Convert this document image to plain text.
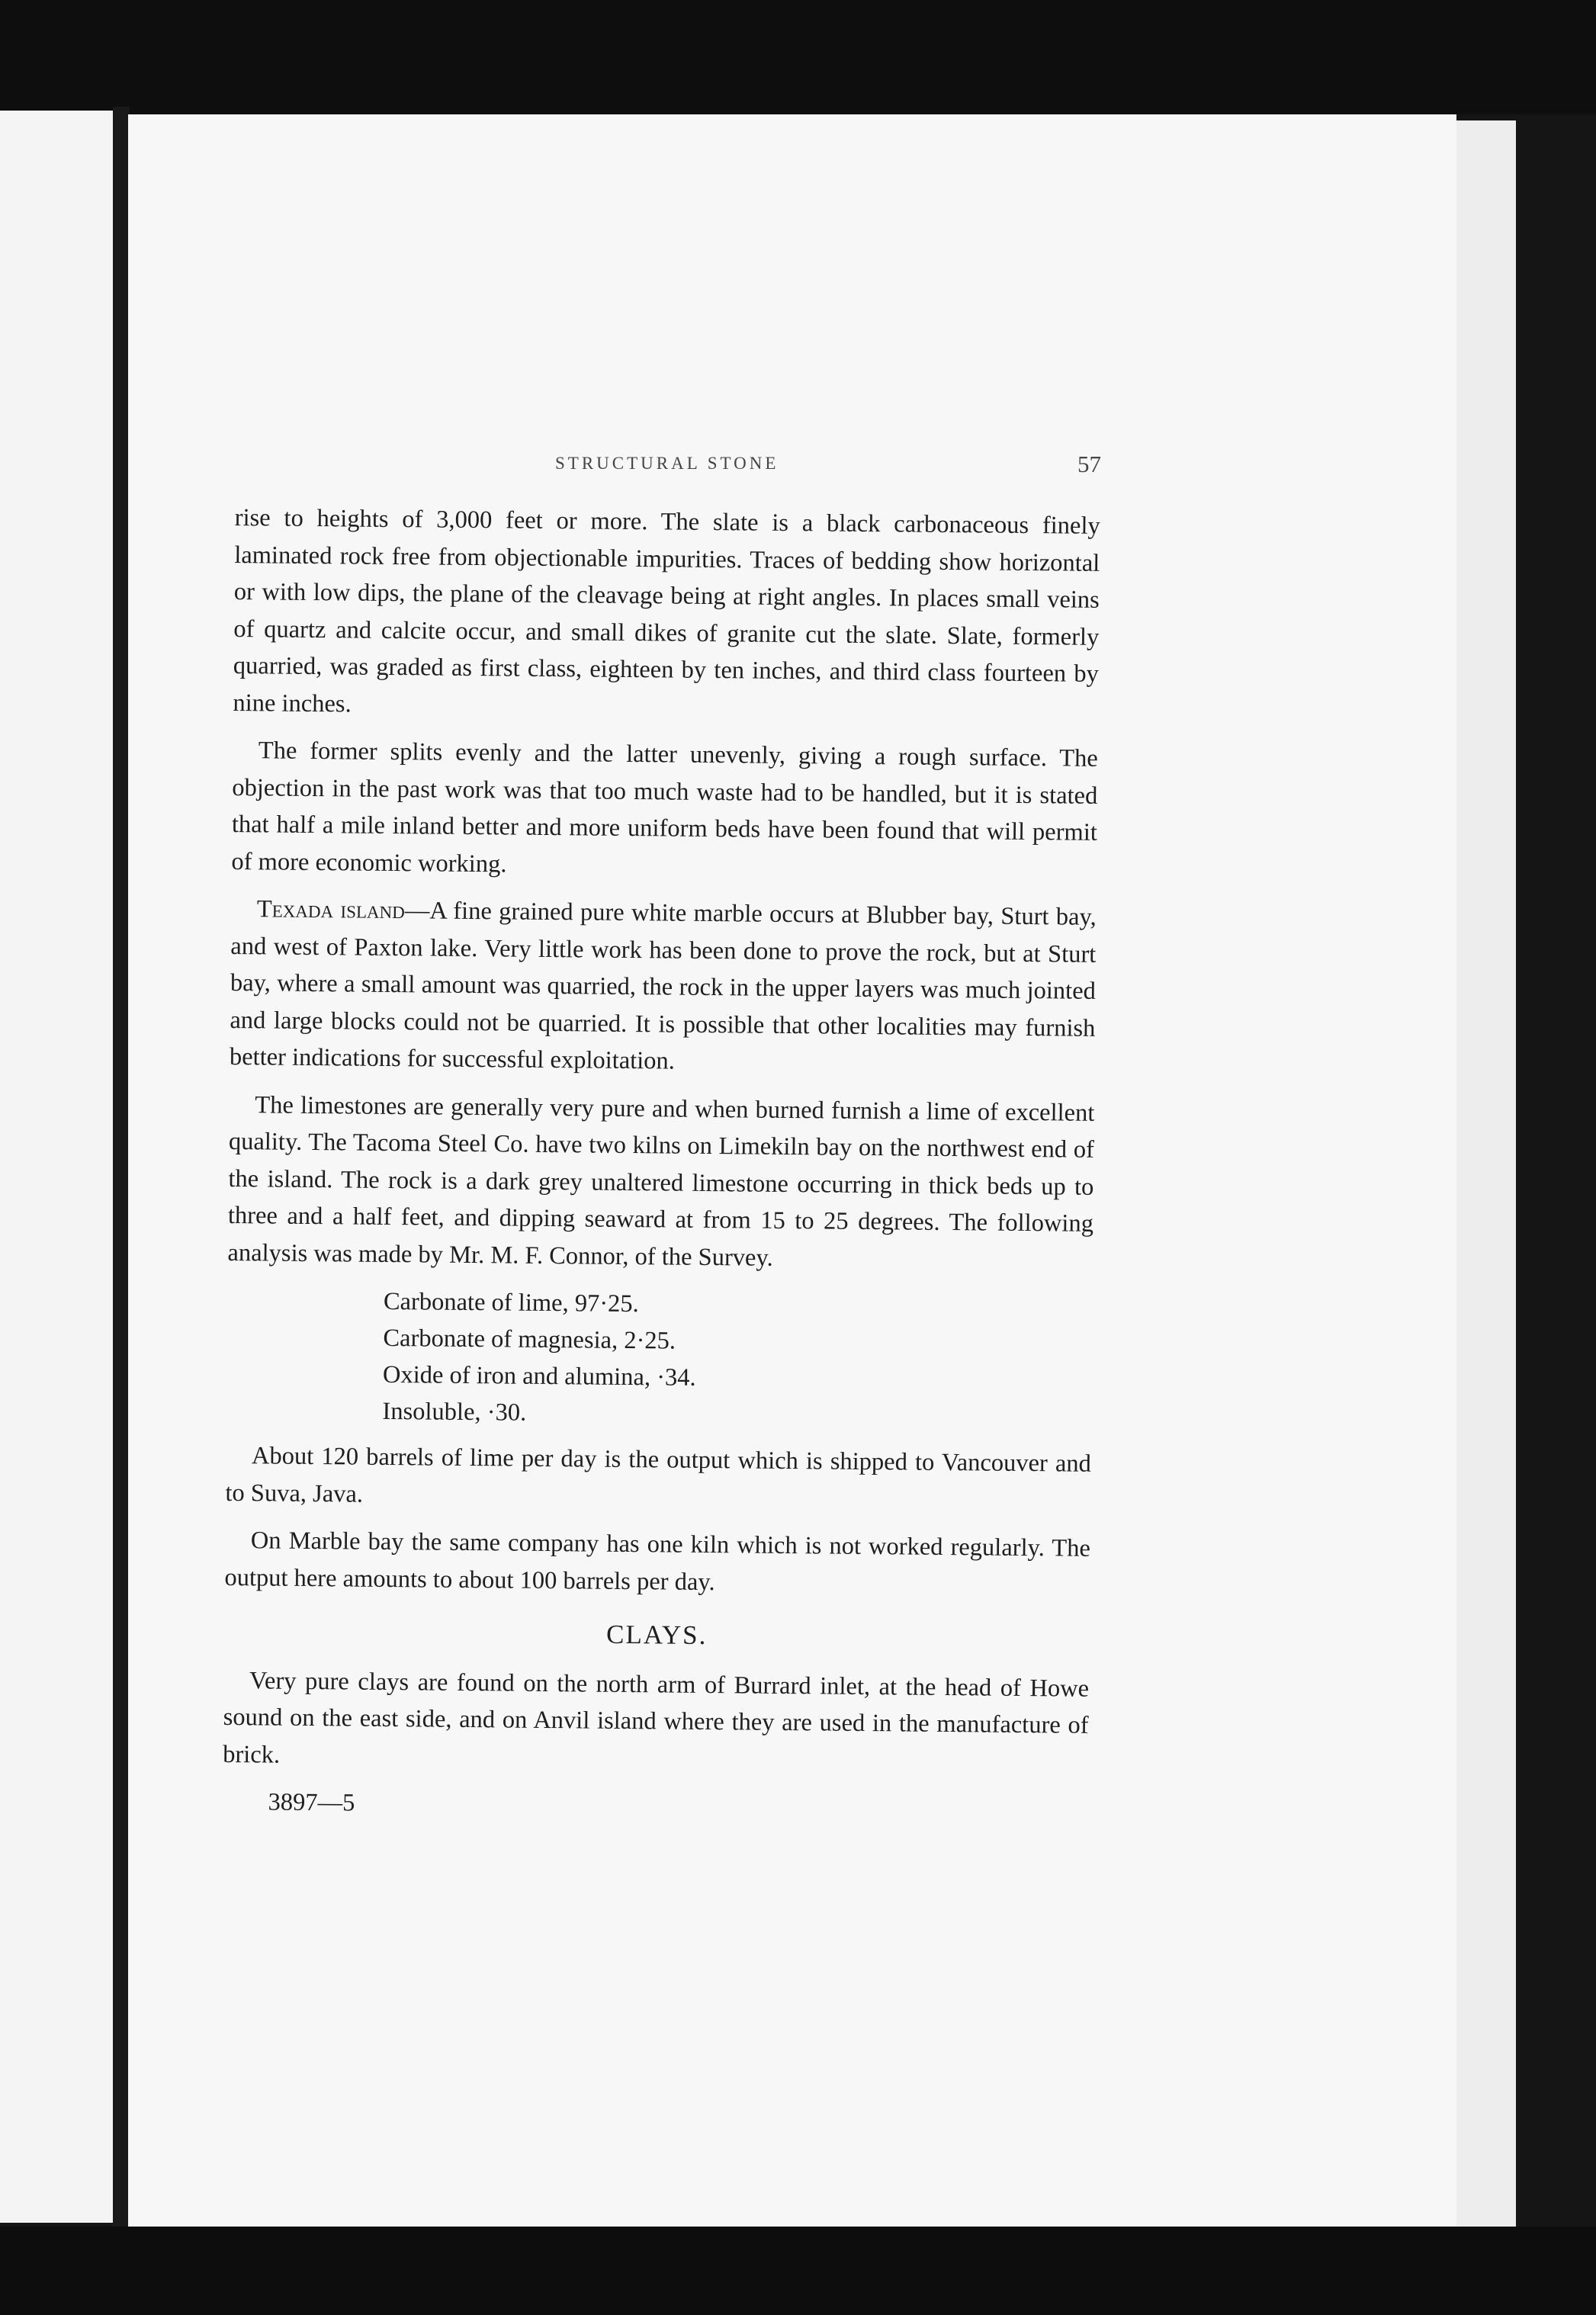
STRUCTURAL STONE	57

rise to heights of 3,000 feet or more. The slate is a black carbonaceous finely laminated rock free from objectionable impurities. Traces of bedding show horizontal or with low dips, the plane of the cleavage being at right angles. In places small veins of quartz and calcite occur, and small dikes of granite cut the slate. Slate, formerly quarried, was graded as first class, eighteen by ten inches, and third class fourteen by nine inches.

The former splits evenly and the latter unevenly, giving a rough surface. The objection in the past work was that too much waste had to be handled, but it is stated that half a mile inland better and more uniform beds have been found that will permit of more economic working.

Texada island—A fine grained pure white marble occurs at Blubber bay, Sturt bay, and west of Paxton lake. Very little work has been done to prove the rock, but at Sturt bay, where a small amount was quarried, the rock in the upper layers was much jointed and large blocks could not be quarried. It is possible that other localities may furnish better indications for successful exploitation.

The limestones are generally very pure and when burned furnish a lime of excellent quality. The Tacoma Steel Co. have two kilns on Limekiln bay on the northwest end of the island. The rock is a dark grey unaltered limestone occurring in thick beds up to three and a half feet, and dipping seaward at from 15 to 25 degrees. The following analysis was made by Mr. M. F. Connor, of the Survey.

Carbonate of lime, 97·25.
Carbonate of magnesia, 2·25.
Oxide of iron and alumina, ·34.
Insoluble, ·30.

About 120 barrels of lime per day is the output which is shipped to Vancouver and to Suva, Java.

On Marble bay the same company has one kiln which is not worked regularly. The output here amounts to about 100 barrels per day.

CLAYS.

Very pure clays are found on the north arm of Burrard inlet, at the head of Howe sound on the east side, and on Anvil island where they are used in the manufacture of brick.

3897—5
